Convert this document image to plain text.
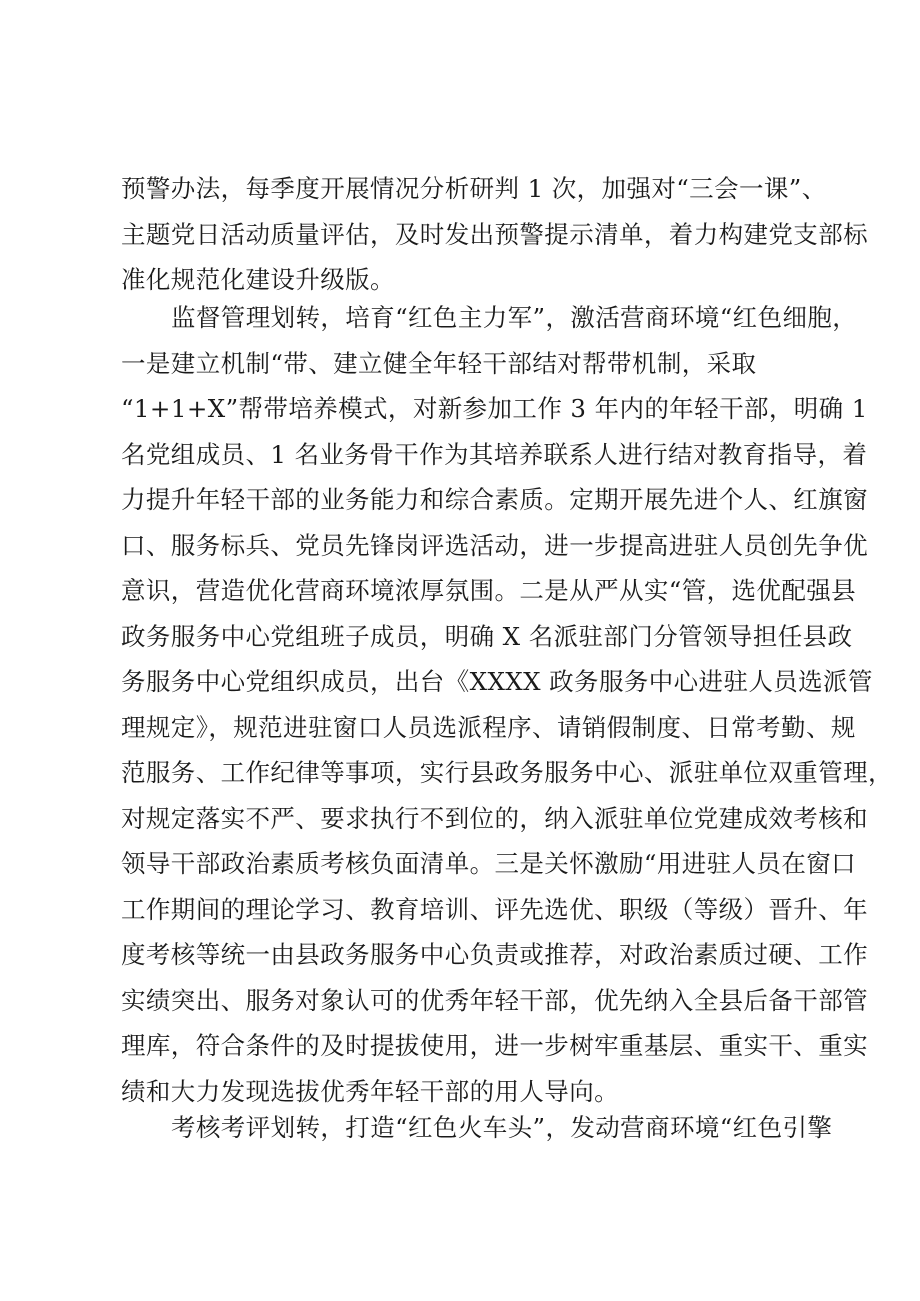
预警办法，每季度开展情况分析研判 1 次，加强对“三会一课”、
主题党日活动质量评估，及时发出预警提示清单，着力构建党支部标
准化规范化建设升级版。
监督管理划转，培育“红色主力军”，激活营商环境“红色细胞，
一是建立机制“带、建立健全年轻干部结对帮带机制，采取
“1+1+X”帮带培养模式，对新参加工作 3 年内的年轻干部，明确 1
名党组成员、1 名业务骨干作为其培养联系人进行结对教育指导，着
力提升年轻干部的业务能力和综合素质。定期开展先进个人、红旗窗
口、服务标兵、党员先锋岗评选活动，进一步提高进驻人员创先争优
意识，营造优化营商环境浓厚氛围。二是从严从实“管，选优配强县
政务服务中心党组班子成员，明确 X 名派驻部门分管领导担任县政
务服务中心党组织成员，出台《XXXX 政务服务中心进驻人员选派管
理规定》，规范进驻窗口人员选派程序、请销假制度、日常考勤、规
范服务、工作纪律等事项，实行县政务服务中心、派驻单位双重管理，
对规定落实不严、要求执行不到位的，纳入派驻单位党建成效考核和
领导干部政治素质考核负面清单。三是关怀激励“用进驻人员在窗口
工作期间的理论学习、教育培训、评先选优、职级（等级）晋升、年
度考核等统一由县政务服务中心负责或推荐，对政治素质过硬、工作
实绩突出、服务对象认可的优秀年轻干部，优先纳入全县后备干部管
理库，符合条件的及时提拔使用，进一步树牢重基层、重实干、重实
绩和大力发现选拔优秀年轻干部的用人导向。
考核考评划转，打造“红色火车头”，发动营商环境“红色引擎
